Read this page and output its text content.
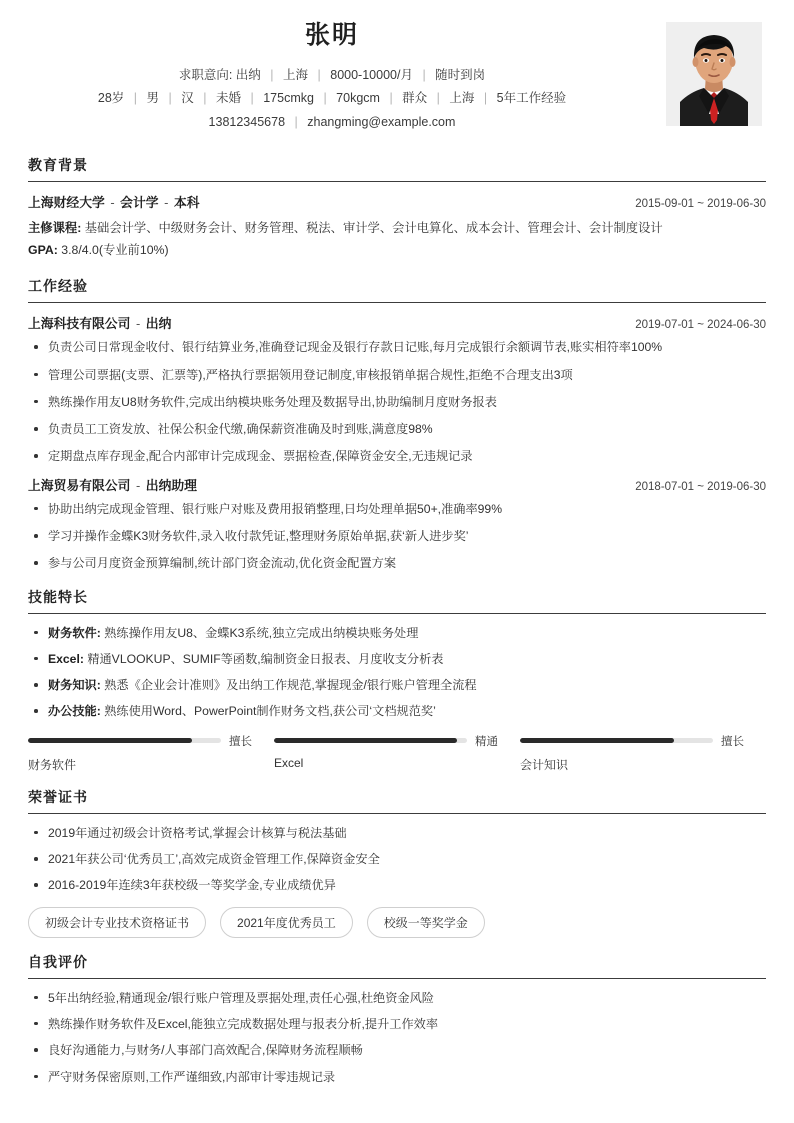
张明
求职意向: 出纳 | 上海 | 8000-10000/月 | 随时到岗
28岁 | 男 | 汉 | 未婚 | 175cmkg | 70kgcm | 群众 | 上海 | 5年工作经验
13812345678 | zhangming@example.com
教育背景
上海财经大学 - 会计学 - 本科	2015-09-01 ~ 2019-06-30
主修课程: 基础会计学、中级财务会计、财务管理、税法、审计学、会计电算化、成本会计、管理会计、会计制度设计
GPA: 3.8/4.0(专业前10%)
工作经验
上海科技有限公司 - 出纳	2019-07-01 ~ 2024-06-30
负责公司日常现金收付、银行结算业务,准确登记现金及银行存款日记账,每月完成银行余额调节表,账实相符率100%
管理公司票据(支票、汇票等),严格执行票据领用登记制度,审核报销单据合规性,拒绝不合理支出3项
熟练操作用友U8财务软件,完成出纳模块账务处理及数据导出,协助编制月度财务报表
负责员工工资发放、社保公积金代缴,确保薪资准确及时到账,满意度98%
定期盘点库存现金,配合内部审计完成现金、票据检查,保障资金安全,无违规记录
上海贸易有限公司 - 出纳助理	2018-07-01 ~ 2019-06-30
协助出纳完成现金管理、银行账户对账及费用报销整理,日均处理单据50+,准确率99%
学习并操作金蝶K3财务软件,录入收付款凭证,整理财务原始单据,获‘新人进步奖’
参与公司月度资金预算编制,统计部门资金流动,优化资金配置方案
技能特长
财务软件: 熟练操作用友U8、金蝶K3系统,独立完成出纳模块账务处理
Excel: 精通VLOOKUP、SUMIF等函数,编制资金日报表、月度收支分析表
财务知识: 熟悉《企业会计准则》及出纳工作规范,掌握现金/银行账户管理全流程
办公技能: 熟练使用Word、PowerPoint制作财务文档,获公司‘文档规范奖’
擅长
财务软件
精通
Excel
擅长
会计知识
荣誉证书
2019年通过初级会计资格考试,掌握会计核算与税法基础
2021年获公司‘优秀员工’,高效完成资金管理工作,保障资金安全
2016-2019年连续3年获校级一等奖学金,专业成绩优异
初级会计专业技术资格证书	2021年度优秀员工	校级一等奖学金
自我评价
5年出纳经验,精通现金/银行账户管理及票据处理,责任心强,杜绝资金风险
熟练操作财务软件及Excel,能独立完成数据处理与报表分析,提升工作效率
良好沟通能力,与财务/人事部门高效配合,保障财务流程顺畅
严守财务保密原则,工作严谨细致,内部审计零违规记录
